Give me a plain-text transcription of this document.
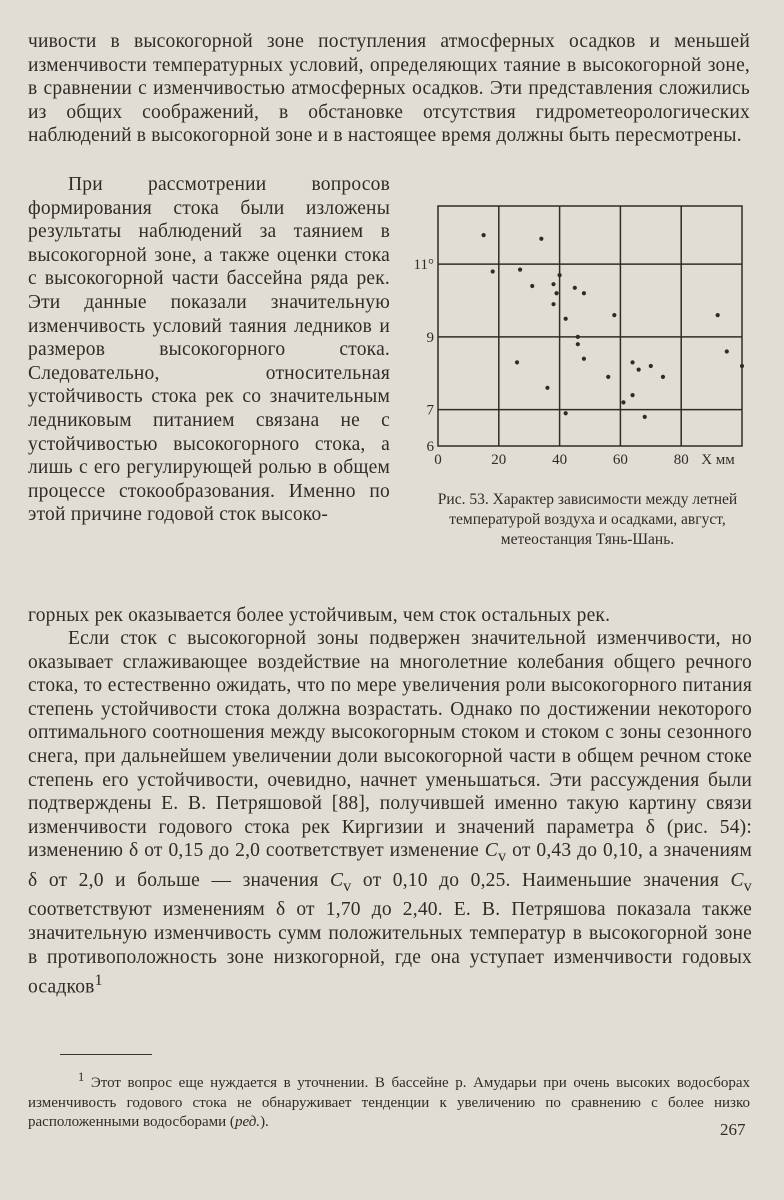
чивости в высокогорной зоне поступления атмосферных осадков и меньшей изменчивости температурных условий, определяющих таяние в высокогорной зоне, в сравнении с изменчивостью атмосферных осадков. Эти представления сложились из общих соображений, в обстановке отсутствия гидрометеорологических наблюдений в высокогорной зоне и в настоящее время должны быть пересмотрены.

При рассмотрении вопросов формирования стока были изложены результаты наблюдений за таянием в высокогорной зоне, а также оценки стока с высокогорной части бассейна ряда рек. Эти данные показали значительную изменчивость условий таяния ледников и размеров высокогорного стока. Следовательно, относительная устойчивость стока рек со значительным ледниковым питанием связана не с устойчивостью высокогорного стока, а лишь с его регулирующей ролью в общем процессе стокообразования. Именно по этой причине годовой сток высоко-

0	20	40	60	80 X мм
6
7
9
11°
Рис. 53. Характер зависимости между летней температурой воздуха и осадками, август, метеостанция Тянь-Шань.

горных рек оказывается более устойчивым, чем сток остальных рек.

Если сток с высокогорной зоны подвержен значительной изменчивости, но оказывает сглаживающее воздействие на многолетние колебания общего речного стока, то естественно ожидать, что по мере увеличения роли высокогорного питания степень устойчивости стока должна возрастать. Однако по достижении некоторого оптимального соотношения между высокогорным стоком и стоком с зоны сезонного снега, при дальнейшем увеличении доли высокогорной части в общем речном стоке степень его устойчивости, очевидно, начнет уменьшаться. Эти рассуждения были подтверждены Е. В. Петряшовой [88], получившей именно такую картину связи изменчивости годового стока рек Киргизии и значений параметра δ (рис. 54): изменению δ от 0,15 до 2,0 соответствует изменение $C_v$ от 0,43 до 0,10, а значениям δ от 2,0 и больше — значения $C_v$ от 0,10 до 0,25. Наименьшие значения $C_v$ соответствуют изменениям δ от 1,70 до 2,40. Е. В. Петряшова показала также значительную изменчивость сумм положительных температур в высокогорной зоне в противоположность зоне низкогорной, где она уступает изменчивости годовых осадков$^1$

$^1$ Этот вопрос еще нуждается в уточнении. В бассейне р. Амударьи при очень высоких водосборах изменчивость годового стока не обнаруживает тенденции к увеличению по сравнению с более низко расположенными водосборами (ред.).	267
